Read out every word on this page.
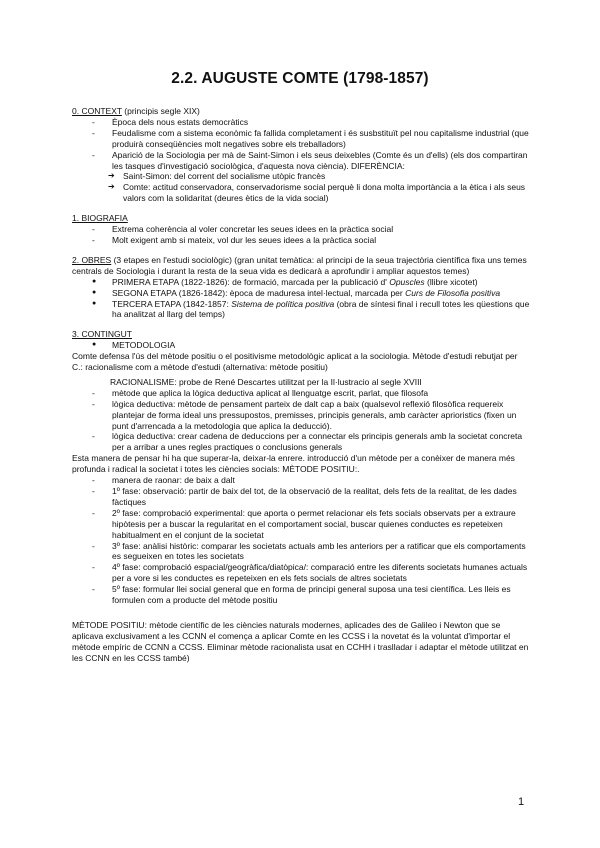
2.2. AUGUSTE COMTE (1798-1857)
0. CONTEXT (principis segle XIX)
- Època dels nous estats democràtics
- Feudalisme com a sistema econòmic fa fallida completament i és susbstituït pel nou capitalisme industrial (que produirà conseqüències molt negatives sobre els treballadors)
- Aparició de la Sociologia per mà de Saint-Simon i els seus deixebles (Comte és un d'ells) (els dos compartiran les tasques d'investigació sociològica, d'aquesta nova ciència). DIFERÈNCIA:
➔ Saint-Simon: del corrent del socialisme utòpic francès
➔ Comte: actitud conservadora, conservadorisme social perquè li dona molta importància a la ètica i als seus valors com la solidaritat (deures ètics de la vida social)
1. BIOGRAFIA
- Extrema coherència al voler concretar les seues idees en la pràctica social
- Molt exigent amb si mateix, vol dur les seues idees a la pràctica social
2. OBRES (3 etapes en l'estudi sociològic) (gran unitat temàtica: al principi de la seua trajectòria científica fixa uns temes centrals de Sociologia i durant la resta de la seua vida es dedicarà a aprofundir i ampliar aquestos temes)
● PRIMERA ETAPA (1822-1826): de formació, marcada per la publicació d' Opuscles (llibre xicotet)
● SEGONA ETAPA (1826-1842): època de maduresa intel·lectual, marcada per Curs de Filosofia positiva
● TERCERA ETAPA (1842-1857: Sistema de política positiva (obra de síntesi final i recull totes les qüestions que ha analitzat al llarg del temps)
3. CONTINGUT
● METODOLOGIA
Comte defensa l'ús del mètode positiu o el positivisme metodològic aplicat a la sociologia. Mètode d'estudi rebutjat per C.: racionalisme com a mètode d'estudi (alternativa: mètode positiu)
RACIONALISME: probe de René Descartes utilitzat per la Il·lustracio al segle XVIII
- mètode que aplica la lògica deductiva aplicat al llenguatge escrit, parlat, que filosofa
- lògica deductiva: mètode de pensament parteix de dalt cap a baix (qualsevol reflexió filosòfica requereix plantejar de forma ideal uns pressupostos, premisses, principis generals, amb caràcter aprioristics (fixen un punt d'arrencada a la metodologia que aplica la deducció).
- lògica deductiva: crear cadena de deduccions per a connectar els principis generals amb la societat concreta per a arribar a unes regles practiques o conclusions generals
Esta manera de pensar hi ha que superar-la, deixar-la enrere. introducció d'un mètode per a conèixer de manera més profunda i radical la societat i totes les ciències socials: MÈTODE POSITIU:.
- manera de raonar: de baix a dalt
- 1º fase: observació: partir de baix del tot, de la observació de la realitat, dels fets de la realitat, de les dades fàctiques
- 2º fase: comprobació experimental: que aporta o permet relacionar els fets socials observats per a extraure hipòtesis per a buscar la regularitat en el comportament social, buscar quienes conductes es repeteixen habitualment en el conjunt de la societat
- 3º fase: anàlisi històric: comparar les societats actuals amb les anteriors per a ratificar que els comportaments es segueixen en totes les societats
- 4º fase: comprobació espacial/geogràfica/diatòpica/: comparació entre les diferents societats humanes actuals per a vore si les conductes es repeteixen en els fets socials de altres societats
- 5º fase: formular llei social general que en forma de principi general suposa una tesi científica. Les lleis es formulen com a producte del mètode positiu
MÈTODE POSITIU: mètode científic de les ciències naturals modernes, aplicades des de Galileo i Newton que se aplicava exclusivament a les CCNN el comença a aplicar Comte en les CCSS i la novetat és la voluntat d'importar el mètode empíric de CCNN a CCSS. Eliminar mètode racionalista usat en CCHH i traslladar i adaptar el mètode utilitzat en les CCNN en les CCSS també)
1
